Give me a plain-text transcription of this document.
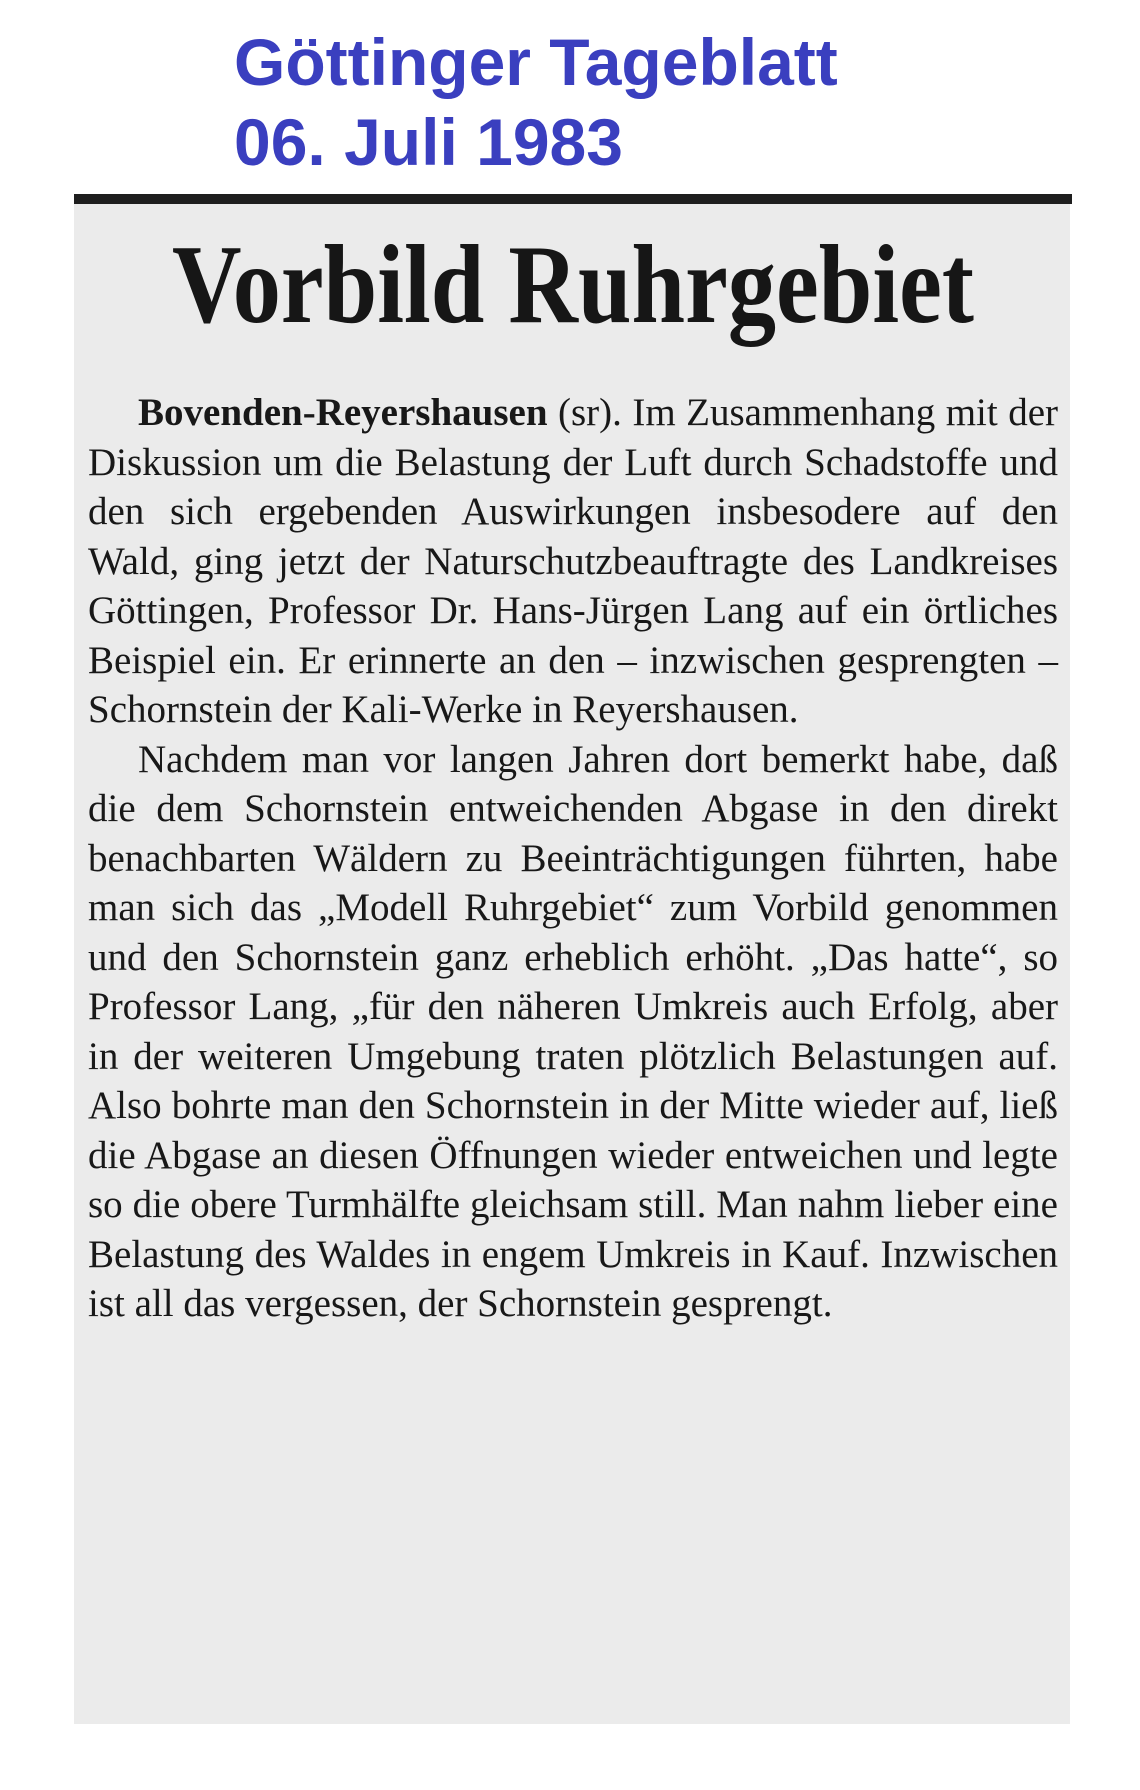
Göttinger Tageblatt
06. Juli 1983
Vorbild Ruhrgebiet

Bovenden-Reyershausen (sr). Im Zusammenhang mit der Diskussion um die Belastung der Luft durch Schadstoffe und den sich ergebenden Auswirkungen insbesodere auf den Wald, ging jetzt der Naturschutzbeauftragte des Landkreises Göttingen, Professor Dr. Hans-Jürgen Lang auf ein örtliches Beispiel ein. Er erinnerte an den – inzwischen gesprengten – Schornstein der Kali-Werke in Reyershausen.

Nachdem man vor langen Jahren dort bemerkt habe, daß die dem Schornstein entweichenden Abgase in den direkt benachbarten Wäldern zu Beeinträchtigungen führten, habe man sich das „Modell Ruhrgebiet“ zum Vorbild genommen und den Schornstein ganz erheblich erhöht. „Das hatte“, so Professor Lang, „für den näheren Umkreis auch Erfolg, aber in der weiteren Umgebung traten plötzlich Belastungen auf. Also bohrte man den Schornstein in der Mitte wieder auf, ließ die Abgase an diesen Öffnungen wieder entweichen und legte so die obere Turmhälfte gleichsam still. Man nahm lieber eine Belastung des Waldes in engem Umkreis in Kauf. Inzwischen ist all das vergessen, der Schornstein gesprengt.
